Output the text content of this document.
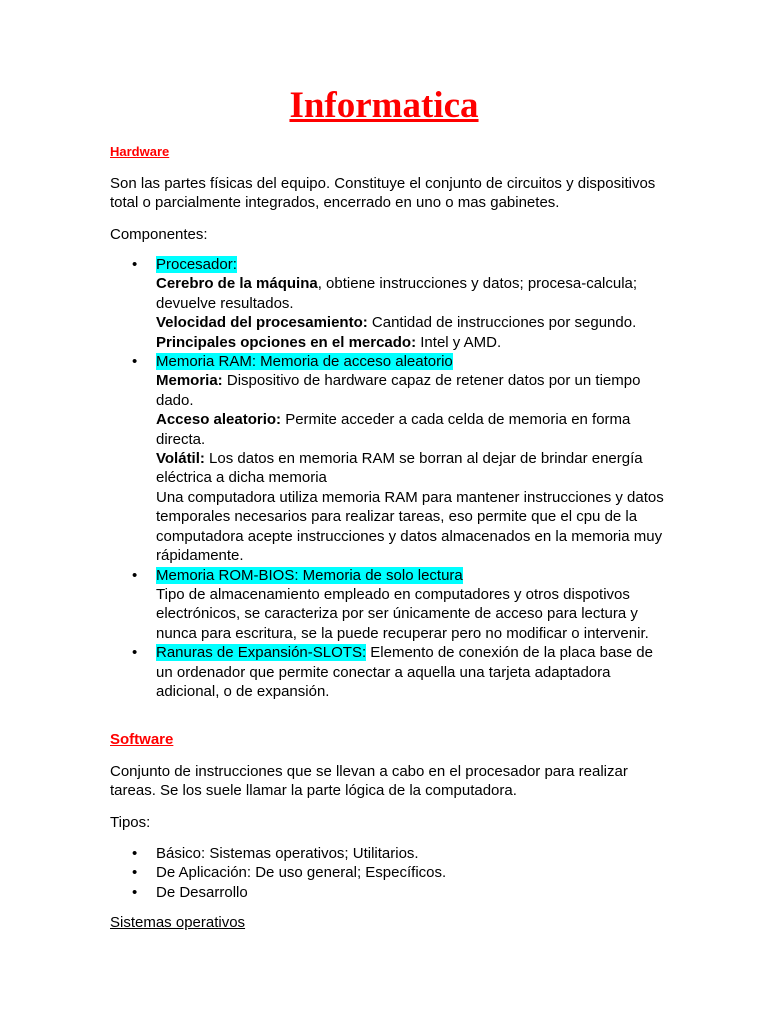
Informatica

Hardware

Son las partes físicas del equipo. Constituye el conjunto de circuitos y dispositivos total o parcialmente integrados, encerrado en uno o mas gabinetes.

Componentes:

• Procesador:
Cerebro de la máquina, obtiene instrucciones y datos; procesa-calcula; devuelve resultados.
Velocidad del procesamiento: Cantidad de instrucciones por segundo.
Principales opciones en el mercado: Intel y AMD.
• Memoria RAM: Memoria de acceso aleatorio
Memoria: Dispositivo de hardware capaz de retener datos por un tiempo dado.
Acceso aleatorio: Permite acceder a cada celda de memoria en forma directa.
Volátil: Los datos en memoria RAM se borran al dejar de brindar energía eléctrica a dicha memoria
Una computadora utiliza memoria RAM para mantener instrucciones y datos temporales necesarios para realizar tareas, eso permite que el cpu de la computadora acepte instrucciones y datos almacenados en la memoria muy rápidamente.
• Memoria ROM-BIOS: Memoria de solo lectura
Tipo de almacenamiento empleado en computadores y otros dispotivos electrónicos, se caracteriza por ser únicamente de acceso para lectura y nunca para escritura, se la puede recuperar pero no modificar o intervenir.
• Ranuras de Expansión-SLOTS: Elemento de conexión de la placa base de un ordenador que permite conectar a aquella una tarjeta adaptadora adicional, o de expansión.

Software

Conjunto de instrucciones que se llevan a cabo en el procesador para realizar tareas. Se los suele llamar la parte lógica de la computadora.

Tipos:

• Básico: Sistemas operativos; Utilitarios.
• De Aplicación: De uso general; Específicos.
• De Desarrollo

Sistemas operativos
